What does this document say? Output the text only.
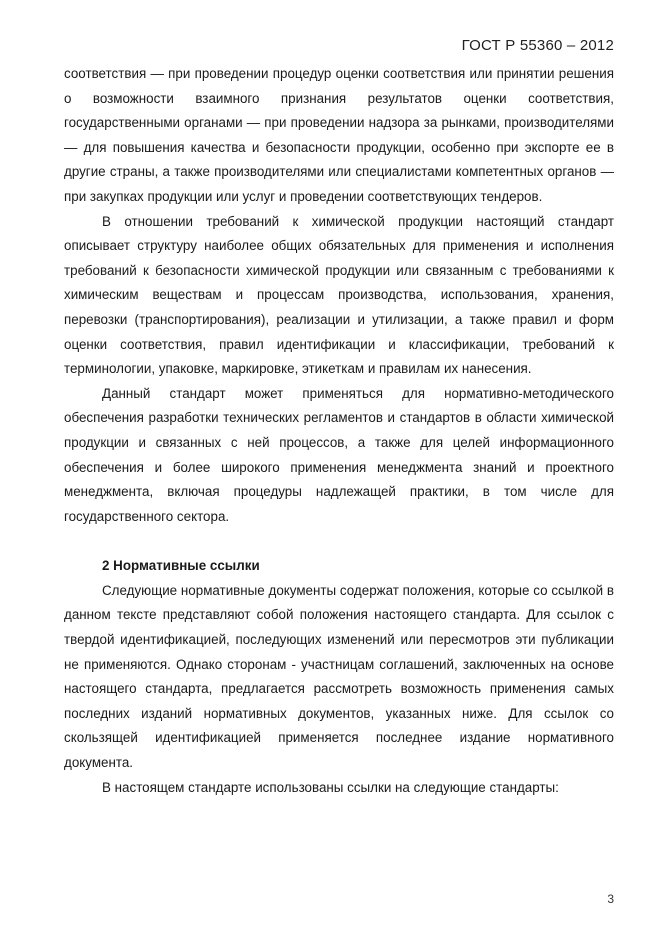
ГОСТ Р 55360 – 2012

соответствия — при проведении процедур оценки соответствия или принятии решения о возможности взаимного признания результатов оценки соответствия, государственными органами — при проведении надзора за рынками, производителями — для повышения качества и безопасности продукции, особенно при экспорте ее в другие страны, а также производителями или специалистами компетентных органов — при закупках продукции или услуг и проведении соответствующих тендеров.

В отношении требований к химической продукции настоящий стандарт описывает структуру наиболее общих обязательных для применения и исполнения требований к безопасности химической продукции или связанным с требованиями к химическим веществам и процессам производства, использования, хранения, перевозки (транспортирования), реализации и утилизации, а также правил и форм оценки соответствия, правил идентификации и классификации, требований к терминологии, упаковке, маркировке, этикеткам и правилам их нанесения.

Данный стандарт может применяться для нормативно-методического обеспечения разработки технических регламентов и стандартов в области химической продукции и связанных с ней процессов, а также для целей информационного обеспечения и более широкого применения менеджмента знаний и проектного менеджмента, включая процедуры надлежащей практики, в том числе для государственного сектора.

2 Нормативные ссылки

Следующие нормативные документы содержат положения, которые со ссылкой в данном тексте представляют собой положения настоящего стандарта. Для ссылок с твердой идентификацией, последующих изменений или пересмотров эти публикации не применяются. Однако сторонам - участницам соглашений, заключенных на основе настоящего стандарта, предлагается рассмотреть возможность применения самых последних изданий нормативных документов, указанных ниже. Для ссылок со скользящей идентификацией применяется последнее издание нормативного документа.

В настоящем стандарте использованы ссылки на следующие стандарты:

3
